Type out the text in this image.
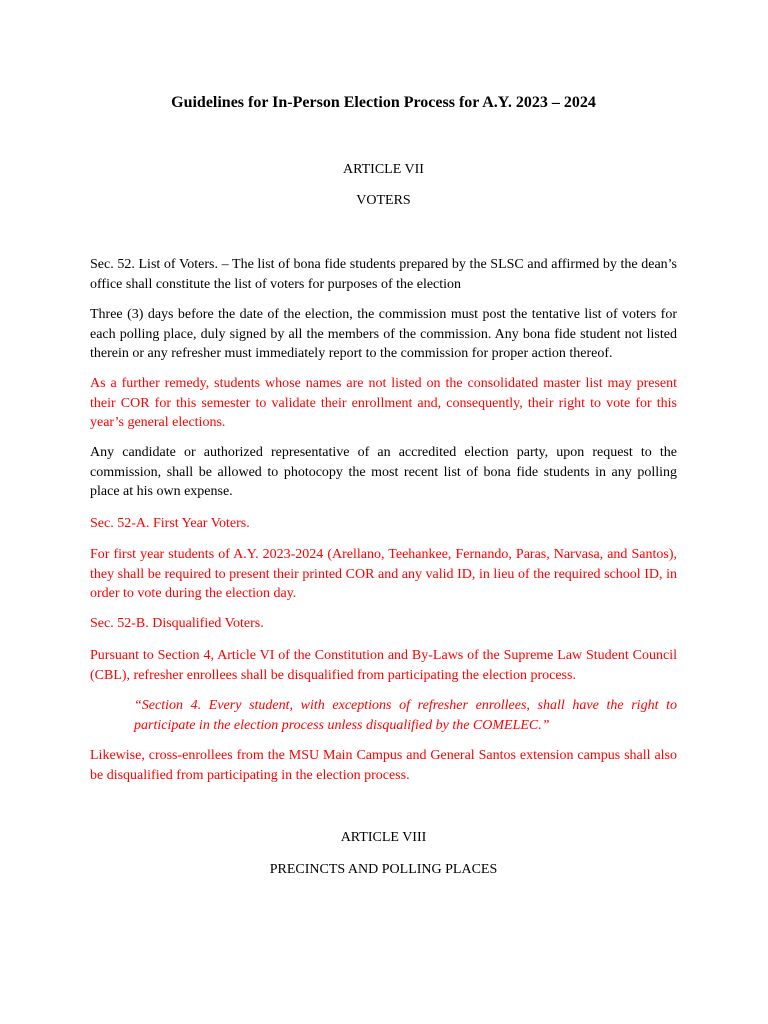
Guidelines for In-Person Election Process for A.Y. 2023 – 2024
ARTICLE VII
VOTERS
Sec. 52. List of Voters. – The list of bona fide students prepared by the SLSC and affirmed by the dean’s office shall constitute the list of voters for purposes of the election
Three (3) days before the date of the election, the commission must post the tentative list of voters for each polling place, duly signed by all the members of the commission. Any bona fide student not listed therein or any refresher must immediately report to the commission for proper action thereof.
As a further remedy, students whose names are not listed on the consolidated master list may present their COR for this semester to validate their enrollment and, consequently, their right to vote for this year’s general elections.
Any candidate or authorized representative of an accredited election party, upon request to the commission, shall be allowed to photocopy the most recent list of bona fide students in any polling place at his own expense.
Sec. 52-A. First Year Voters.
For first year students of A.Y. 2023-2024 (Arellano, Teehankee, Fernando, Paras, Narvasa, and Santos), they shall be required to present their printed COR and any valid ID, in lieu of the required school ID, in order to vote during the election day.
Sec. 52-B. Disqualified Voters.
Pursuant to Section 4, Article VI of the Constitution and By-Laws of the Supreme Law Student Council (CBL), refresher enrollees shall be disqualified from participating the election process.
“Section 4. Every student, with exceptions of refresher enrollees, shall have the right to participate in the election process unless disqualified by the COMELEC.”
Likewise, cross-enrollees from the MSU Main Campus and General Santos extension campus shall also be disqualified from participating in the election process.
ARTICLE VIII
PRECINCTS AND POLLING PLACES
